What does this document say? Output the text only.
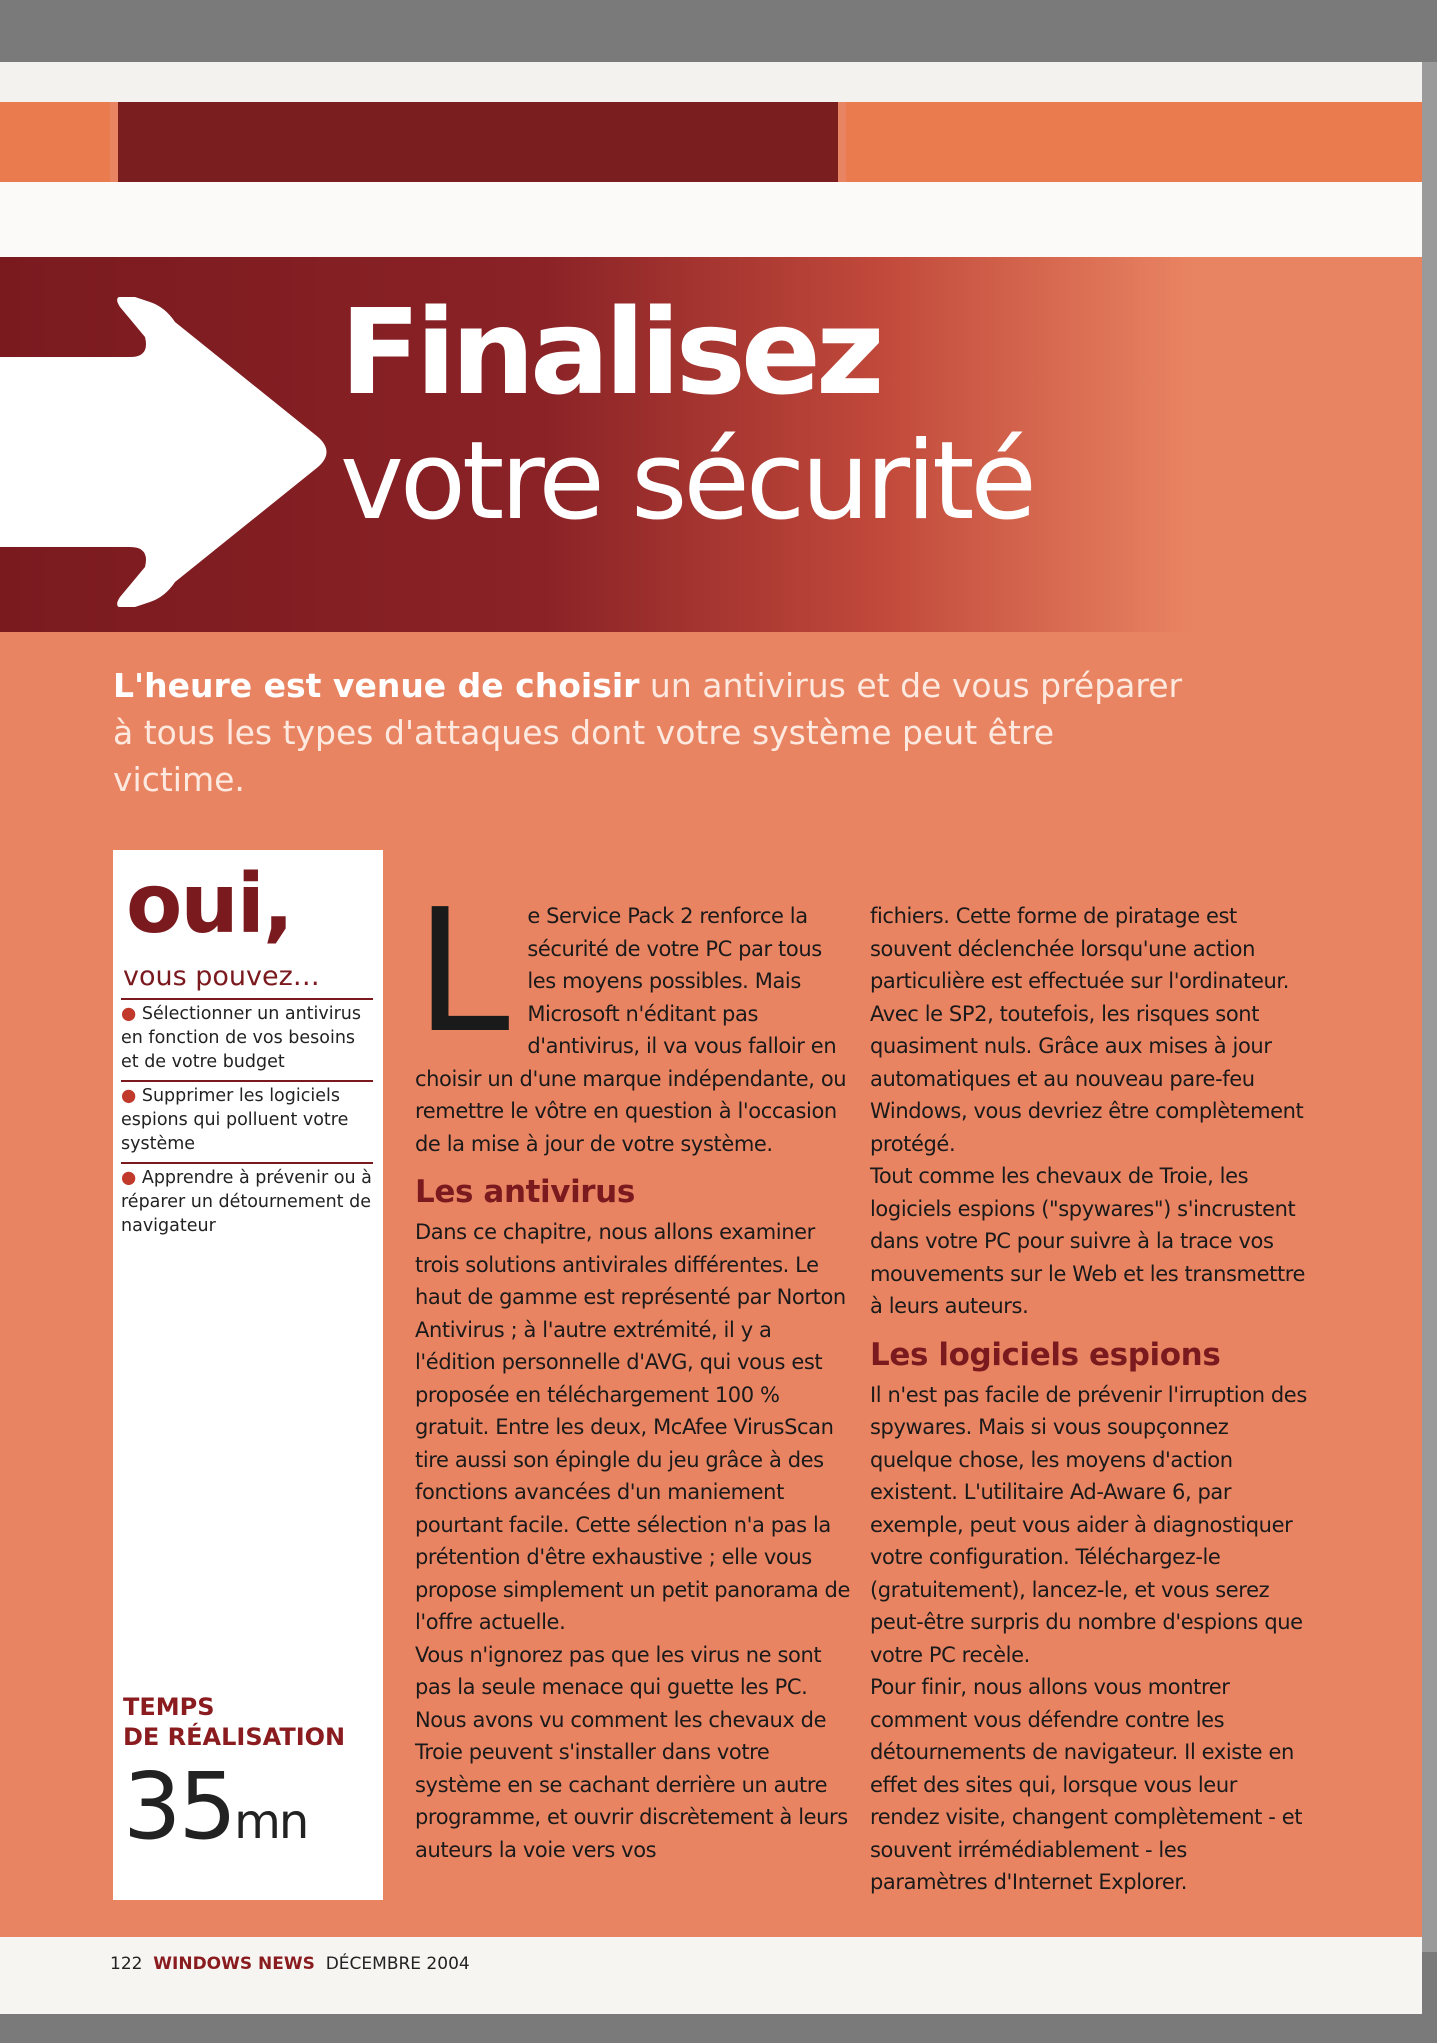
Finalisez
votre sécurité
L'heure est venue de choisir un antivirus et de vous préparer à tous les types d'attaques dont votre système peut être victime.
oui,
vous pouvez…
● Sélectionner un antivirus en fonction de vos besoins et de votre budget
● Supprimer les logiciels espions qui polluent votre système
● Apprendre à prévenir ou à réparer un détournement de navigateur
TEMPS
DE RÉALISATION
35mn
L e Service Pack 2 renforce la sécurité de votre PC par tous les moyens possibles. Mais Microsoft n'éditant pas d'antivirus, il va vous falloir en choisir un d'une marque indépendante, ou remettre le vôtre en question à l'occasion de la mise à jour de votre système.

Les antivirus

Dans ce chapitre, nous allons examiner trois solutions antivirales différentes. Le haut de gamme est représenté par Norton Antivirus ; à l'autre extrémité, il y a l'édition personnelle d'AVG, qui vous est proposée en téléchargement 100 % gratuit. Entre les deux, McAfee VirusScan tire aussi son épingle du jeu grâce à des fonctions avancées d'un maniement pourtant facile. Cette sélection n'a pas la prétention d'être exhaustive ; elle vous propose simplement un petit panorama de l'offre actuelle.

Vous n'ignorez pas que les virus ne sont pas la seule menace qui guette les PC. Nous avons vu comment les chevaux de Troie peuvent s'installer dans votre système en se cachant derrière un autre programme, et ouvrir discrètement à leurs auteurs la voie vers vos

fichiers. Cette forme de piratage est souvent déclenchée lorsqu'une action particulière est effectuée sur l'ordinateur. Avec le SP2, toutefois, les risques sont quasiment nuls. Grâce aux mises à jour automatiques et au nouveau pare-feu Windows, vous devriez être complètement protégé.

Tout comme les chevaux de Troie, les logiciels espions ("spywares") s'incrustent dans votre PC pour suivre à la trace vos mouvements sur le Web et les transmettre à leurs auteurs.

Les logiciels espions

Il n'est pas facile de prévenir l'irruption des spywares. Mais si vous soupçonnez quelque chose, les moyens d'action existent. L'utilitaire Ad-Aware 6, par exemple, peut vous aider à diagnostiquer votre configuration. Téléchargez-le (gratuitement), lancez-le, et vous serez peut-être surpris du nombre d'espions que votre PC recèle.

Pour finir, nous allons vous montrer comment vous défendre contre les détournements de navigateur. Il existe en effet des sites qui, lorsque vous leur rendez visite, changent complètement - et souvent irrémédiablement - les paramètres d'Internet Explorer.

122 WINDOWS NEWS DÉCEMBRE 2004
